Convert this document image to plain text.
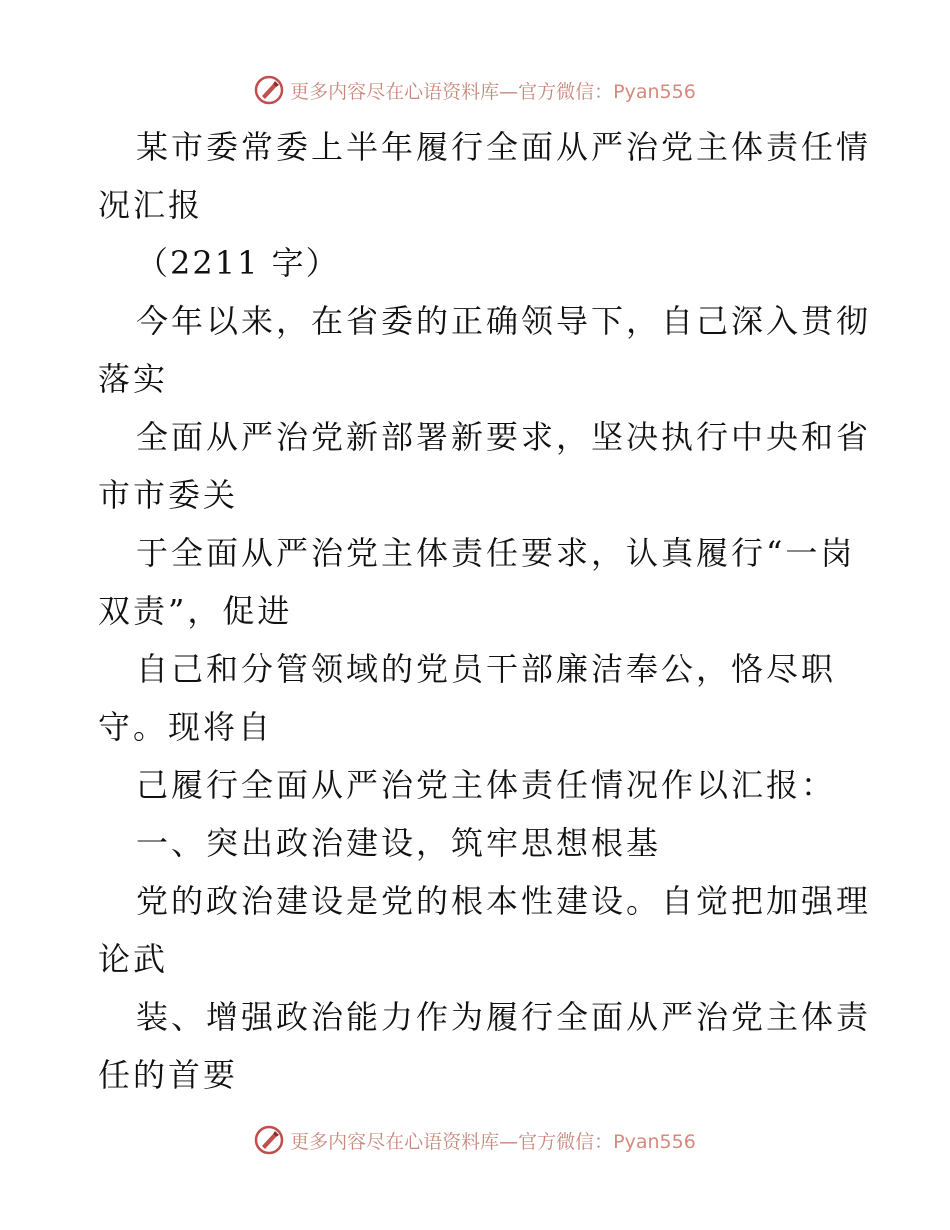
更多内容尽在心语资料库—官方微信：Pyan556
某市委常委上半年履行全面从严治党主体责任情
况汇报
（2211 字）
今年以来，在省委的正确领导下，自己深入贯彻
落实
全面从严治党新部署新要求，坚决执行中央和省
市市委关
于全面从严治党主体责任要求，认真履行“一岗
双责”，促进
自己和分管领域的党员干部廉洁奉公，恪尽职
守。现将自
己履行全面从严治党主体责任情况作以汇报：
一、突出政治建设，筑牢思想根基
党的政治建设是党的根本性建设。自觉把加强理
论武
装、增强政治能力作为履行全面从严治党主体责
任的首要
更多内容尽在心语资料库—官方微信：Pyan556
